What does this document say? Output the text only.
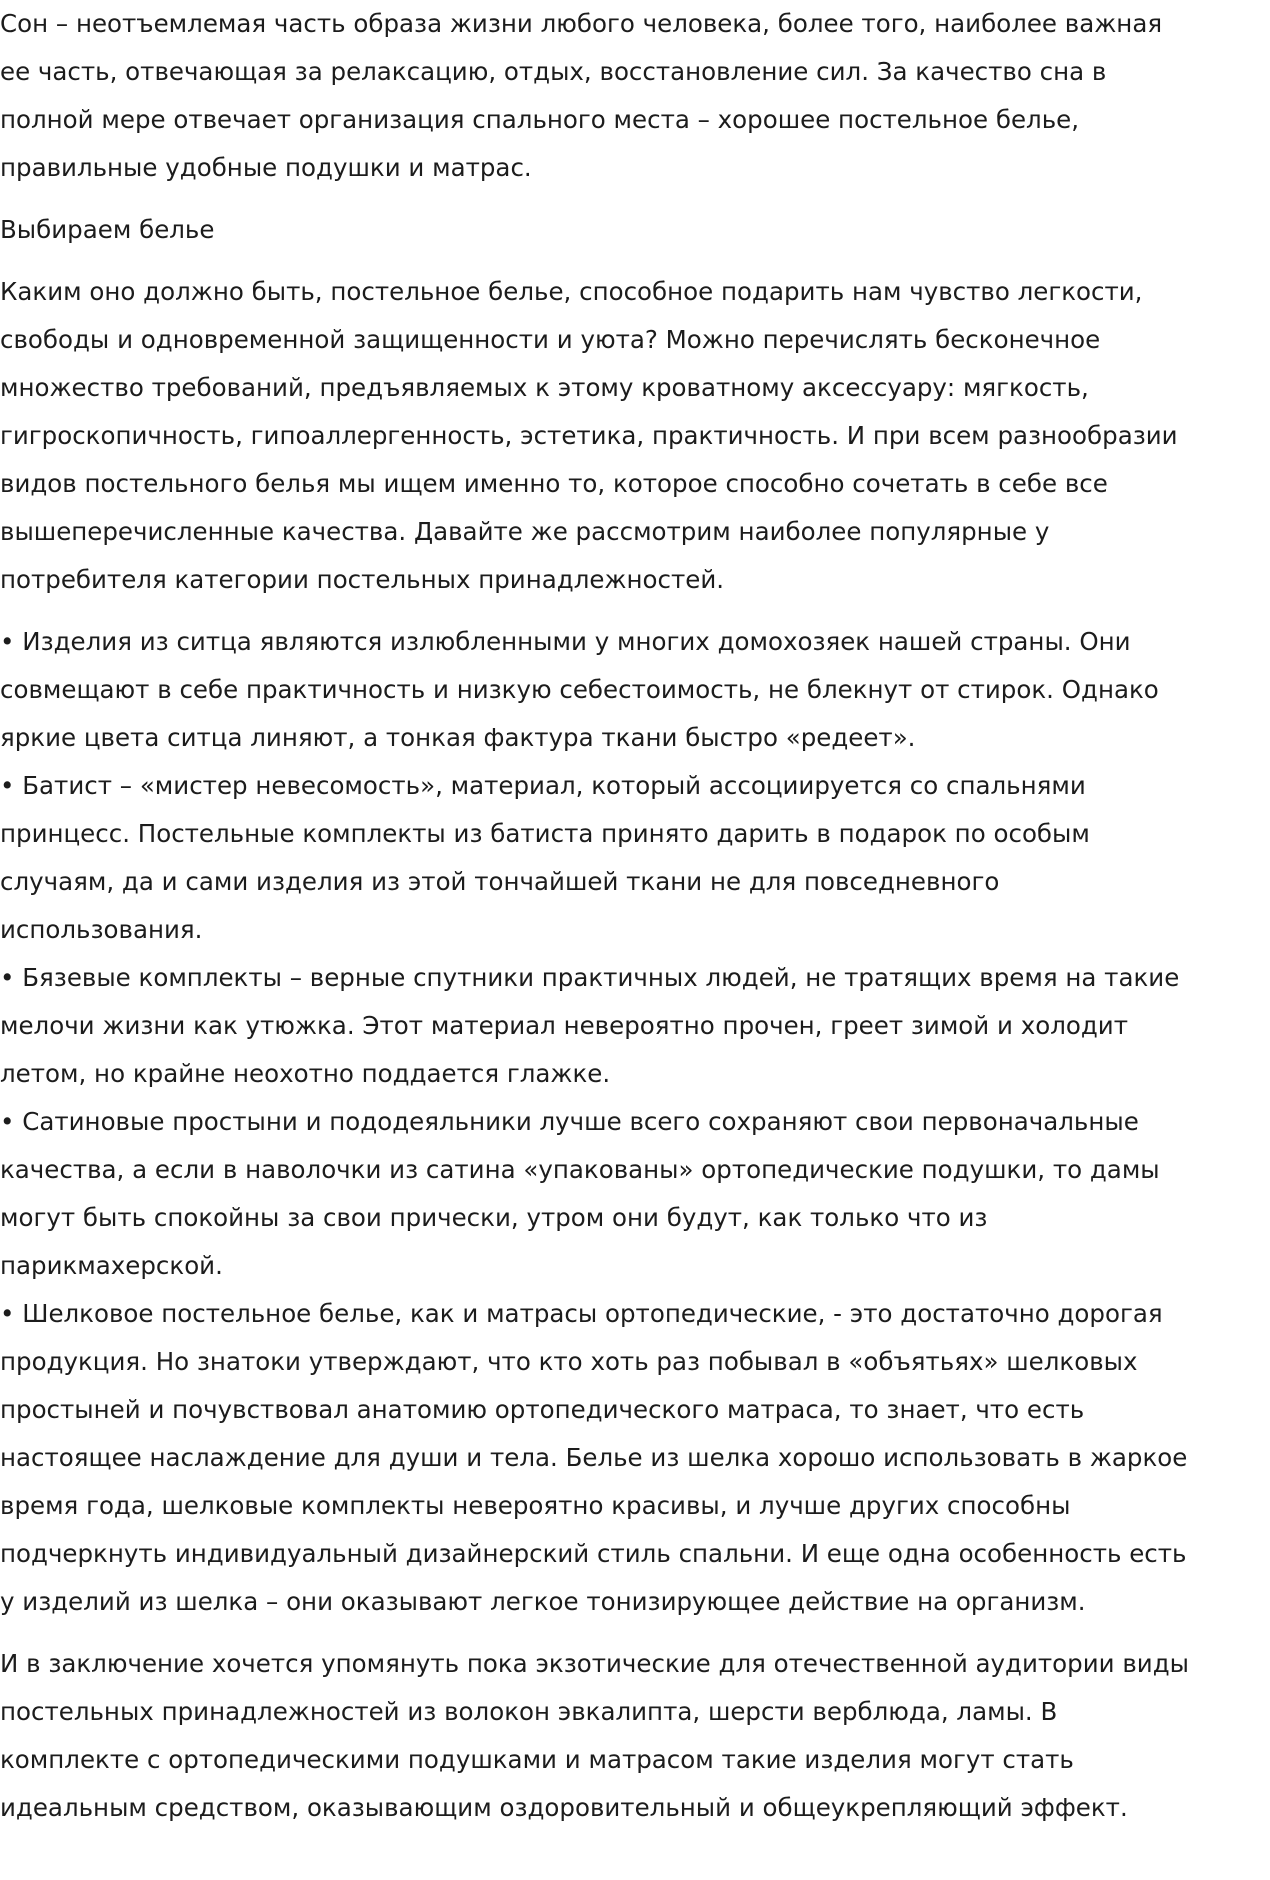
Сон – неотъемлемая часть образа жизни любого человека, более того, наиболее важная
ее часть, отвечающая за релаксацию, отдых, восстановление сил. За качество сна в
полной мере отвечает организация спального места – хорошее постельное белье,
правильные удобные подушки и матрас.

Выбираем белье

Каким оно должно быть, постельное белье, способное подарить нам чувство легкости,
свободы и одновременной защищенности и уюта? Можно перечислять бесконечное
множество требований, предъявляемых к этому кроватному аксессуару: мягкость,
гигроскопичность, гипоаллергенность, эстетика, практичность. И при всем разнообразии
видов постельного белья мы ищем именно то, которое способно сочетать в себе все
вышеперечисленные качества. Давайте же рассмотрим наиболее популярные у
потребителя категории постельных принадлежностей.

• Изделия из ситца являются излюбленными у многих домохозяек нашей страны. Они
совмещают в себе практичность и низкую себестоимость, не блекнут от стирок. Однако
яркие цвета ситца линяют, а тонкая фактура ткани быстро «редеет».
• Батист – «мистер невесомость», материал, который ассоциируется со спальнями
принцесс. Постельные комплекты из батиста принято дарить в подарок по особым
случаям, да и сами изделия из этой тончайшей ткани не для повседневного
использования.
• Бязевые комплекты – верные спутники практичных людей, не тратящих время на такие
мелочи жизни как утюжка. Этот материал невероятно прочен, греет зимой и холодит
летом, но крайне неохотно поддается глажке.
• Сатиновые простыни и пододеяльники лучше всего сохраняют свои первоначальные
качества, а если в наволочки из сатина «упакованы» ортопедические подушки, то дамы
могут быть спокойны за свои прически, утром они будут, как только что из
парикмахерской.
• Шелковое постельное белье, как и матрасы ортопедические, - это достаточно дорогая
продукция. Но знатоки утверждают, что кто хоть раз побывал в «объятьях» шелковых
простыней и почувствовал анатомию ортопедического матраса, то знает, что есть
настоящее наслаждение для души и тела. Белье из шелка хорошо использовать в жаркое
время года, шелковые комплекты невероятно красивы, и лучше других способны
подчеркнуть индивидуальный дизайнерский стиль спальни. И еще одна особенность есть
у изделий из шелка – они оказывают легкое тонизирующее действие на организм.

И в заключение хочется упомянуть пока экзотические для отечественной аудитории виды
постельных принадлежностей из волокон эвкалипта, шерсти верблюда, ламы. В
комплекте с ортопедическими подушками и матрасом такие изделия могут стать
идеальным средством, оказывающим оздоровительный и общеукрепляющий эффект.
